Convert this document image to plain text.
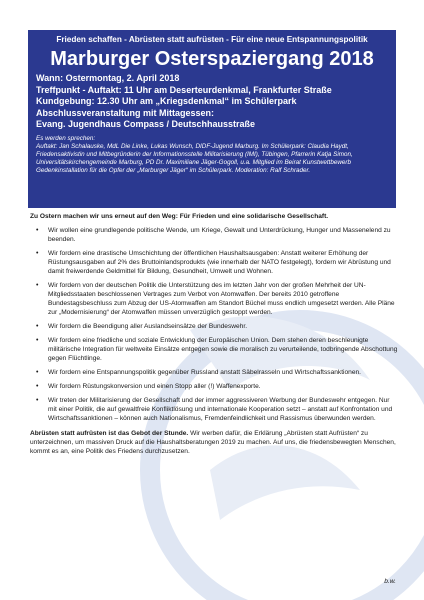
Frieden schaffen - Abrüsten statt aufrüsten - Für eine neue Entspannungspolitik
Marburger Osterspaziergang 2018
Wann: Ostermontag, 2. April 2018
Treffpunkt - Auftakt: 11 Uhr am Deserteurdenkmal, Frankfurter Straße
Kundgebung: 12.30 Uhr am „Kriegsdenkmal“ im Schülerpark
Abschlussveranstaltung mit Mittagessen:
Evang. Jugendhaus Compass / Deutschhausstraße
Es werden sprechen:
Auftakt: Jan Schalauske, MdL Die Linke, Lukas Wunsch, DIDF-Jugend Marburg. Im Schülerpark: Claudia Haydt, Friedensaktivistin und Mitbegründerin der Informationsstelle Militarisierung (IMI), Tübingen, Pfarrerin Katja Simon, Universitätskirchengemeinde Marburg, PD Dr. Maximiliane Jäger-Gogoll, u.a. Mitglied im Beirat Kunstwettbewerb Gedenkinstallation für die Opfer der „Marburger Jäger“ im Schülerpark. Moderation: Ralf Schrader.
Zu Ostern machen wir uns erneut auf den Weg: Für Frieden und eine solidarische Gesellschaft.
• Wir wollen eine grundlegende politische Wende, um Kriege, Gewalt und Unterdrückung, Hunger und Massenelend zu beenden.
• Wir fordern eine drastische Umschichtung der öffentlichen Haushaltsausgaben: Anstatt weiterer Erhöhung der Rüstungsausgaben auf 2% des Bruttoinlandsprodukts (wie innerhalb der NATO festgelegt), fordern wir Abrüstung und damit freiwerdende Geldmittel für Bildung, Gesundheit, Umwelt und Wohnen.
• Wir fordern von der deutschen Politik die Unterstützung des im letzten Jahr von der großen Mehrheit der UN-Mitgliedsstaaten beschlossenen Vertrages zum Verbot von Atomwaffen. Der bereits 2010 getroffene Bundestagsbeschluss zum Abzug der US-Atomwaffen am Standort Büchel muss endlich umgesetzt werden. Alle Pläne zur „Modernisierung“ der Atomwaffen müssen unverzüglich gestoppt werden.
• Wir fordern die Beendigung aller Auslandseinsätze der Bundeswehr.
• Wir fordern eine friedliche und soziale Entwicklung der Europäischen Union. Dem stehen deren beschleunigte militärische Integration für weltweite Einsätze entgegen sowie die moralisch zu verurteilende, todbringende Abschottung gegen Flüchtlinge.
• Wir fordern eine Entspannungspolitik gegenüber Russland anstatt Säbelrasseln und Wirtschaftssanktionen.
• Wir fordern Rüstungskonversion und einen Stopp aller (!) Waffenexporte.
• Wir treten der Militarisierung der Gesellschaft und der immer aggressiveren Werbung der Bundeswehr entgegen. Nur mit einer Politik, die auf gewaltfreie Konfliktlösung und internationale Kooperation setzt – anstatt auf Konfrontation und Wirtschaftssanktionen – können auch Nationalismus, Fremdenfeindlichkeit und Rassismus überwunden werden.
Abrüsten statt aufrüsten ist das Gebot der Stunde. Wir werben dafür, die Erklärung „Abrüsten statt Aufrüsten“ zu unterzeichnen, um massiven Druck auf die Haushaltsberatungen 2019 zu machen. Auf uns, die friedensbewegten Menschen, kommt es an, eine Politik des Friedens durchzusetzen.
b.w.
